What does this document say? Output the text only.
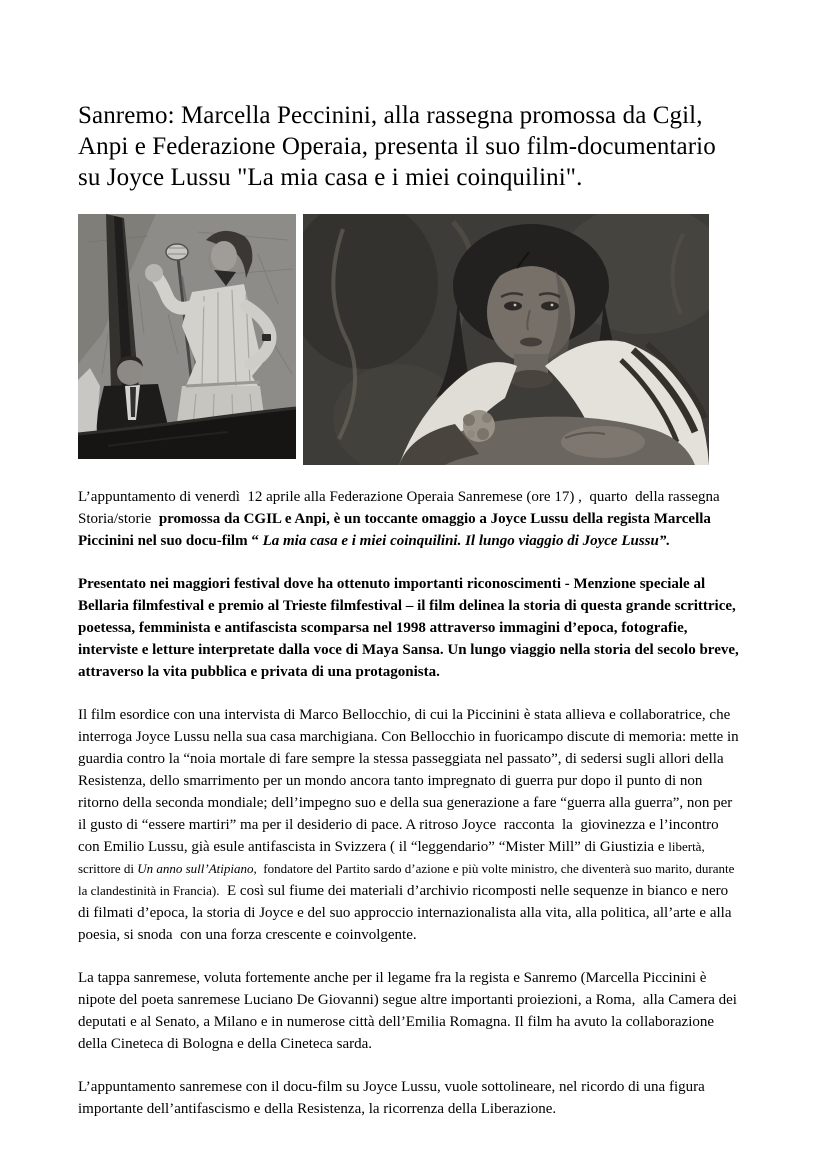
Sanremo: Marcella Peccinini, alla rassegna promossa da Cgil,
Anpi e Federazione Operaia, presenta il suo film-documentario
su Joyce Lussu "La mia casa e i miei coinquilini".

L’appuntamento di venerdì  12 aprile alla Federazione Operaia Sanremese (ore 17) ,  quarto  della rassegna Storia/storie  promossa da CGIL e Anpi, è un toccante omaggio a Joyce Lussu della regista Marcella Piccinini nel suo docu-film “ La mia casa e i miei coinquilini. Il lungo viaggio di Joyce Lussu”.

Presentato nei maggiori festival dove ha ottenuto importanti riconoscimenti - Menzione speciale al Bellaria filmfestival e premio al Trieste filmfestival – il film delinea la storia di questa grande scrittrice, poetessa, femminista e antifascista scomparsa nel 1998 attraverso immagini d’epoca, fotografie, interviste e letture interpretate dalla voce di Maya Sansa. Un lungo viaggio nella storia del secolo breve, attraverso la vita pubblica e privata di una protagonista.

Il film esordice con una intervista di Marco Bellocchio, di cui la Piccinini è stata allieva e collaboratrice, che interroga Joyce Lussu nella sua casa marchigiana. Con Bellocchio in fuoricampo discute di memoria: mette in guardia contro la “noia mortale di fare sempre la stessa passeggiata nel passato”, di sedersi sugli allori della Resistenza, dello smarrimento per un mondo ancora tanto impregnato di guerra pur dopo il punto di non ritorno della seconda mondiale; dell’impegno suo e della sua generazione a fare “guerra alla guerra”, non per il gusto di “essere martiri” ma per il desiderio di pace. A ritroso Joyce  racconta  la  giovinezza e l’incontro con Emilio Lussu, già esule antifascista in Svizzera ( il “leggendario” “Mister Mill” di Giustizia e libertà, scrittore di Un anno sull’Atipiano,  fondatore del Partito sardo d’azione e più volte ministro, che diventerà suo marito, durante la clandestinità in Francia).  E così sul fiume dei materiali d’archivio ricomposti nelle sequenze in bianco e nero di filmati d’epoca, la storia di Joyce e del suo approccio internazionalista alla vita, alla politica, all’arte e alla poesia, si snoda  con una forza crescente e coinvolgente.

La tappa sanremese, voluta fortemente anche per il legame fra la regista e Sanremo (Marcella Piccinini è nipote del poeta sanremese Luciano De Giovanni) segue altre importanti proiezioni, a Roma,  alla Camera dei deputati e al Senato, a Milano e in numerose città dell’Emilia Romagna. Il film ha avuto la collaborazione della Cineteca di Bologna e della Cineteca sarda.

L’appuntamento sanremese con il docu-film su Joyce Lussu, vuole sottolineare, nel ricordo di una figura importante dell’antifascismo e della Resistenza, la ricorrenza della Liberazione.
